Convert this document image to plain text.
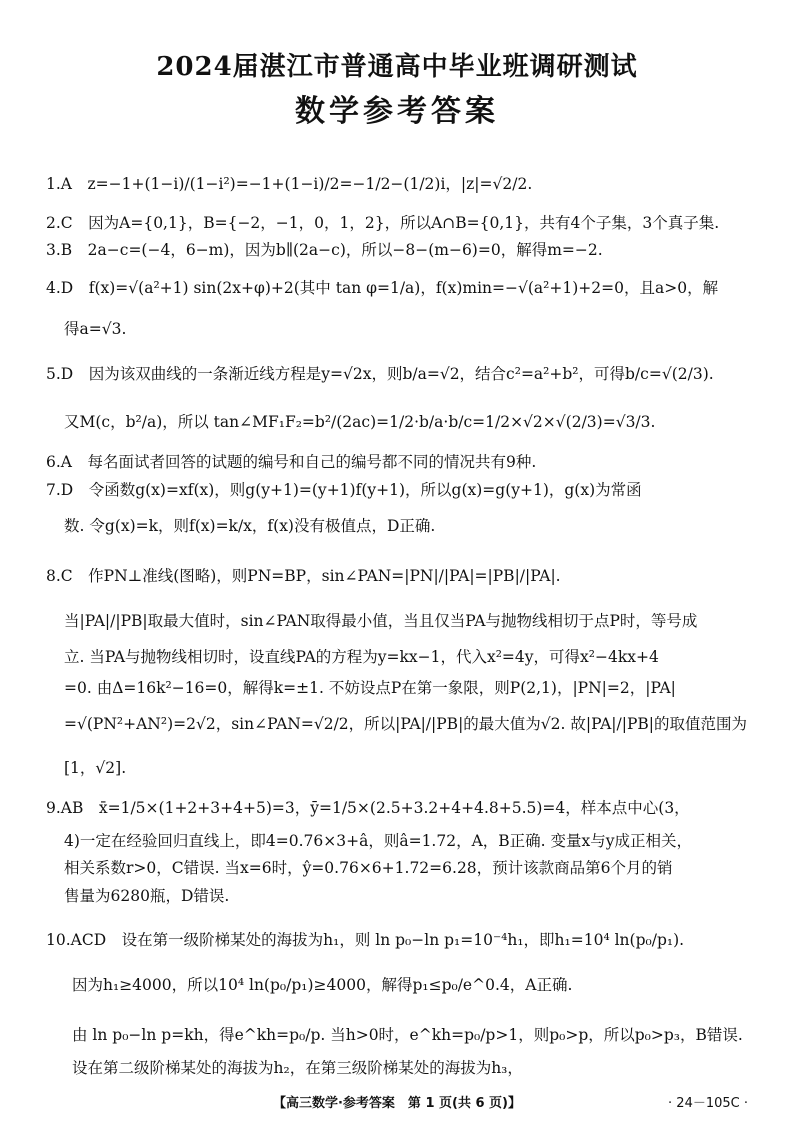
2024届湛江市普通高中毕业班调研测试
数学参考答案
1.A　z=−1+(1−i)/(1−i²)=−1+(1−i)/2=−1/2−(1/2)i，|z|=√2/2.
2.C　因为A={0,1}，B={−2，−1，0，1，2}，所以A∩B={0,1}，共有4个子集，3个真子集.
3.B　2a−c=(−4，6−m)，因为b∥(2a−c)，所以−8−(m−6)=0，解得m=−2.
4.D　f(x)=√(a²+1) sin(2x+φ)+2(其中 tan φ=1/a)，f(x)min=−√(a²+1)+2=0，且a>0，解
得a=√3.
5.D　因为该双曲线的一条渐近线方程是y=√2x，则b/a=√2，结合c²=a²+b²，可得b/c=√(2/3).
又M(c，b²/a)，所以 tan∠MF₁F₂=b²/(2ac)=1/2·b/a·b/c=1/2×√2×√(2/3)=√3/3.
6.A　每名面试者回答的试题的编号和自己的编号都不同的情况共有9种.
7.D　令函数g(x)=xf(x)，则g(y+1)=(y+1)f(y+1)，所以g(x)=g(y+1)，g(x)为常函
数. 令g(x)=k，则f(x)=k/x，f(x)没有极值点，D正确.
8.C　作PN⊥准线(图略)，则PN=BP，sin∠PAN=|PN|/|PA|=|PB|/|PA|.
当|PA|/|PB|取最大值时，sin∠PAN取得最小值，当且仅当PA与抛物线相切于点P时，等号成
立. 当PA与抛物线相切时，设直线PA的方程为y=kx−1，代入x²=4y，可得x²−4kx+4
=0. 由Δ=16k²−16=0，解得k=±1. 不妨设点P在第一象限，则P(2,1)，|PN|=2，|PA|
=√(PN²+AN²)=2√2，sin∠PAN=√2/2，所以|PA|/|PB|的最大值为√2. 故|PA|/|PB|的取值范围为
[1，√2].
9.AB　x̄=1/5×(1+2+3+4+5)=3，ȳ=1/5×(2.5+3.2+4+4.8+5.5)=4，样本点中心(3，
4)一定在经验回归直线上，即4=0.76×3+â，则â=1.72，A，B正确. 变量x与y成正相关，
相关系数r>0，C错误. 当x=6时，ŷ=0.76×6+1.72=6.28，预计该款商品第6个月的销
售量为6280瓶，D错误.
10.ACD　设在第一级阶梯某处的海拔为h₁，则 ln p₀−ln p₁=10⁻⁴h₁，即h₁=10⁴ ln(p₀/p₁).
因为h₁≥4000，所以10⁴ ln(p₀/p₁)≥4000，解得p₁≤p₀/e^0.4，A正确.
由 ln p₀−ln p=kh，得e^kh=p₀/p. 当h>0时，e^kh=p₀/p>1，则p₀>p，所以p₀>p₃，B错误.
设在第二级阶梯某处的海拔为h₂，在第三级阶梯某处的海拔为h₃，
【高三数学·参考答案　第 1 页(共 6 页)】	· 24－105C ·
